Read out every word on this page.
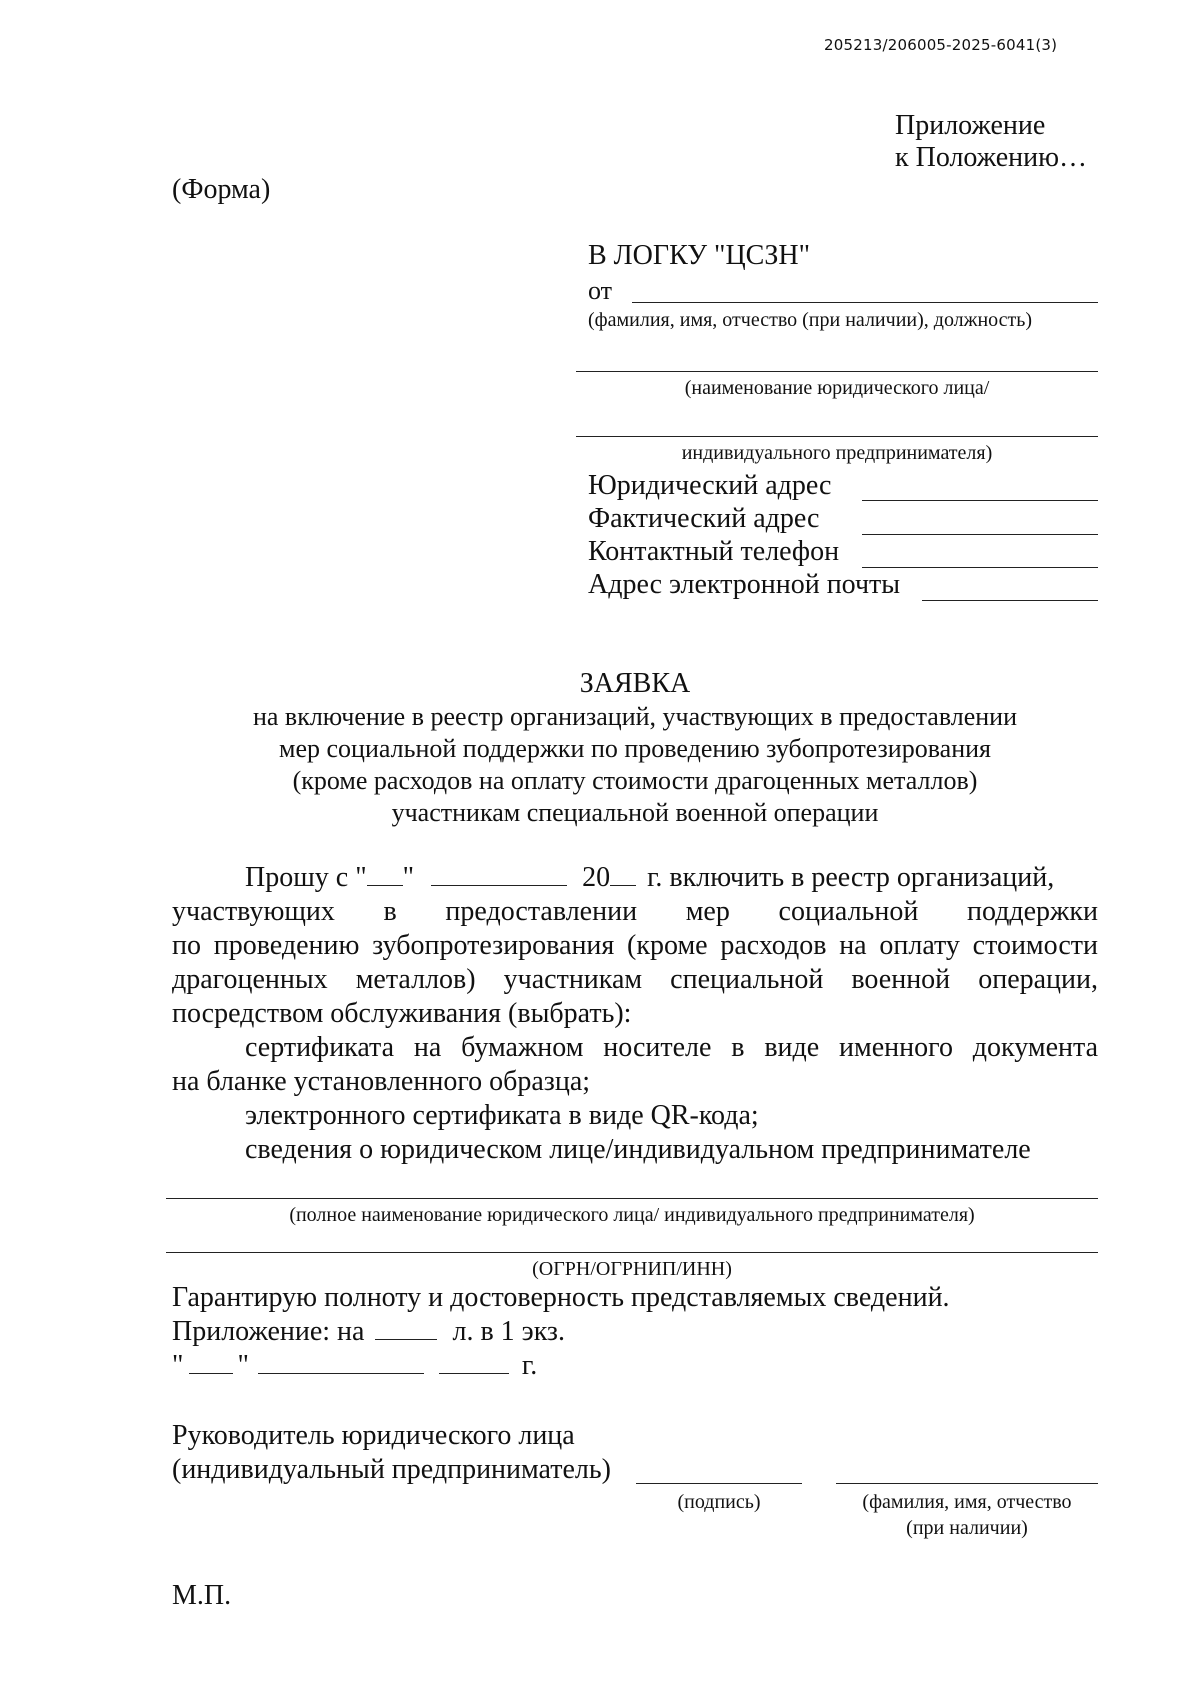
205213/206005-2025-6041(3)
Приложение
к Положению…
(Форма)
В ЛОГКУ "ЦСЗН"
от
(фамилия, имя, отчество (при наличии), должность)
(наименование юридического лица/
индивидуального предпринимателя)
Юридический адрес
Фактический адрес
Контактный телефон
Адрес электронной почты
ЗАЯВКА
на включение в реестр организаций, участвующих в предоставлении
мер социальной поддержки по проведению зубопротезирования
(кроме расходов на оплату стоимости драгоценных металлов)
участникам специальной военной операции
Прошу с " "	20 г. включить в реестр организаций,
участвующих в предоставлении мер социальной поддержки
по проведению зубопротезирования (кроме расходов на оплату стоимости
драгоценных металлов) участникам специальной военной операции,
посредством обслуживания (выбрать):
сертификата на бумажном носителе в виде именного документа
на бланке установленного образца;
электронного сертификата в виде QR-кода;
сведения о юридическом лице/индивидуальном предпринимателе
(полное наименование юридического лица/ индивидуального предпринимателя)
(ОГРН/ОГРНИП/ИНН)
Гарантирую полноту и достоверность представляемых сведений.
Приложение: на	л. в 1 экз.
" "	г.
Руководитель юридического лица
(индивидуальный предприниматель)
(подпись)	(фамилия, имя, отчество
(при наличии)
М.П.
